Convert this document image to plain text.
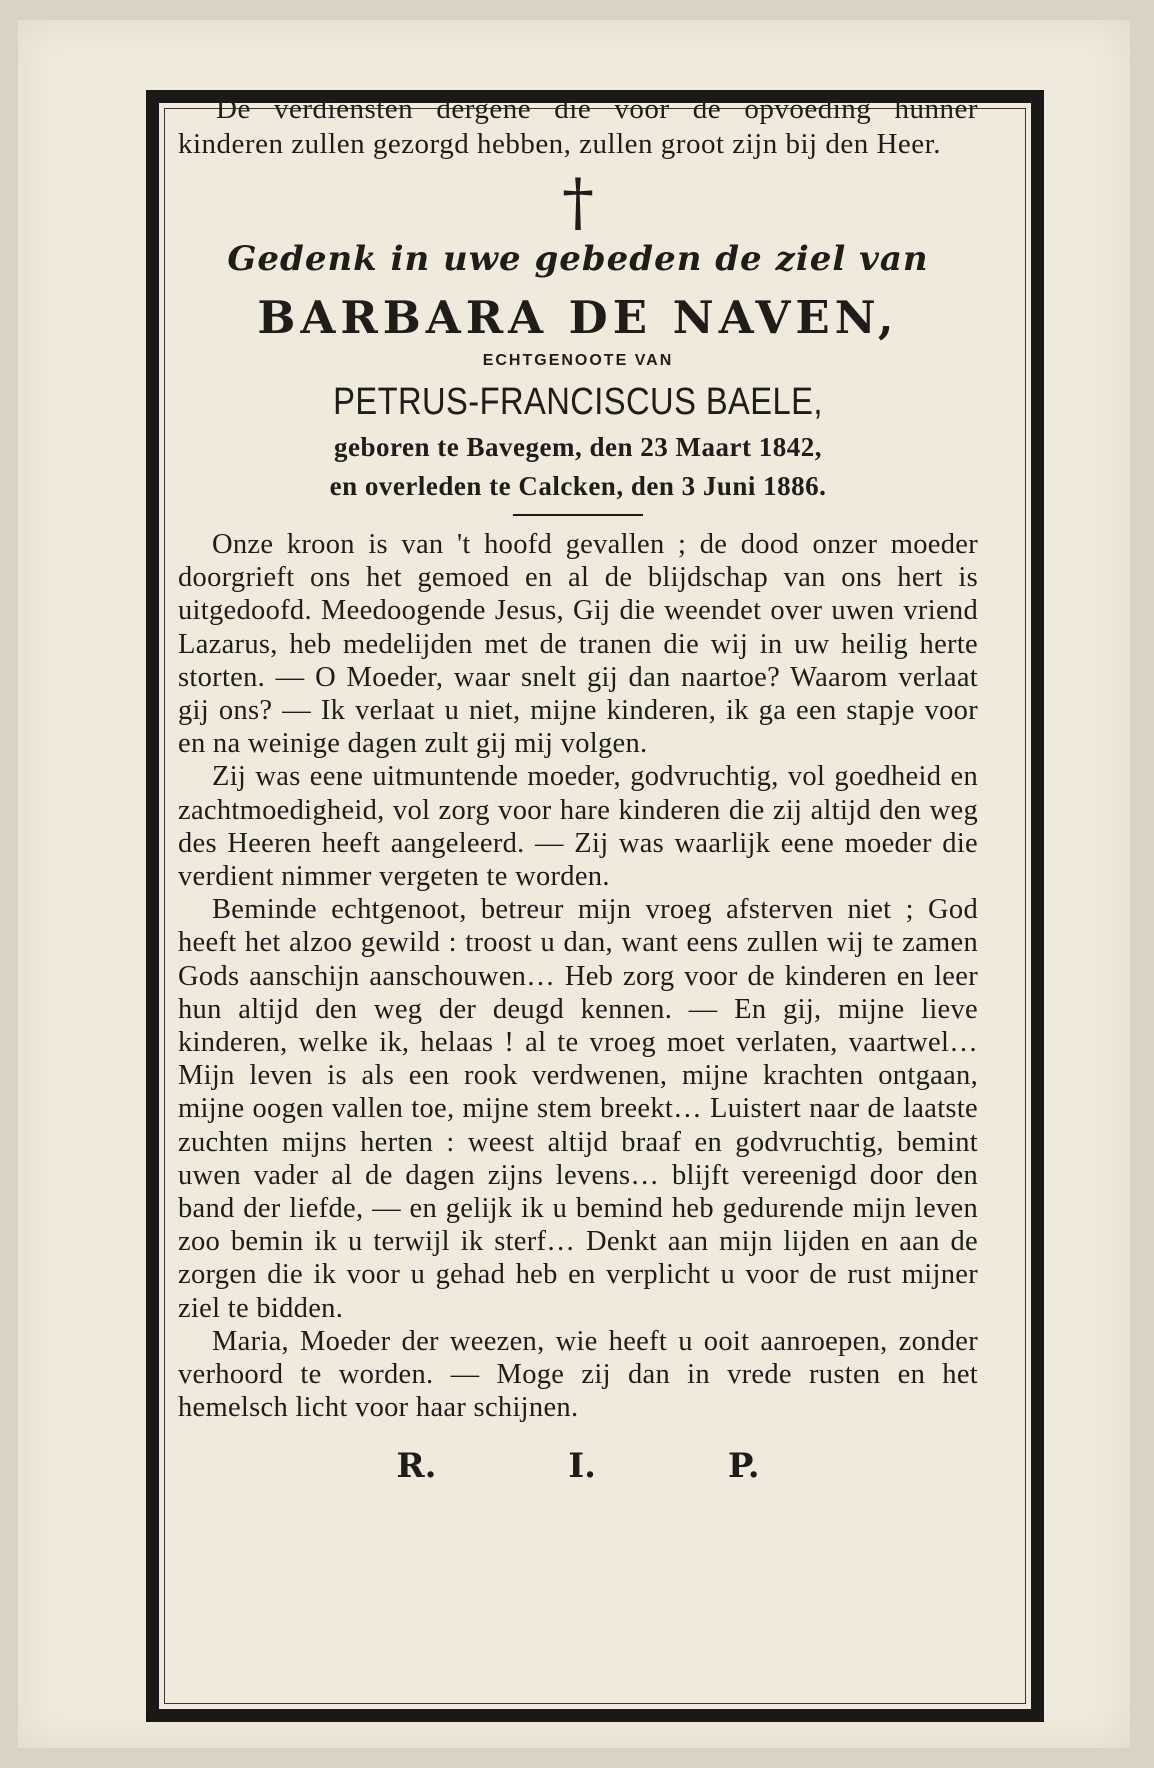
De verdiensten dergene die voor de opvoeding hunner kinderen zullen gezorgd hebben, zullen groot zijn bij den Heer.

†
Gedenk in uwe gebeden de ziel van
BARBARA DE NAVEN,
ECHTGENOOTE VAN
PETRUS-FRANCISCUS BAELE,
geboren te Bavegem, den 23 Maart 1842,
en overleden te Calcken, den 3 Juni 1886.

Onze kroon is van 't hoofd gevallen ; de dood onzer moeder doorgrieft ons het gemoed en al de blijdschap van ons hert is uitgedoofd. Meedoogende Jesus, Gij die weendet over uwen vriend Lazarus, heb medelijden met de tranen die wij in uw heilig herte storten. — O Moeder, waar snelt gij dan naartoe? Waarom verlaat gij ons? — Ik verlaat u niet, mijne kinderen, ik ga een stapje voor en na weinige dagen zult gij mij volgen.

Zij was eene uitmuntende moeder, godvruchtig, vol goedheid en zachtmoedigheid, vol zorg voor hare kinderen die zij altijd den weg des Heeren heeft aangeleerd. — Zij was waarlijk eene moeder die verdient nimmer vergeten te worden.

Beminde echtgenoot, betreur mijn vroeg afsterven niet ; God heeft het alzoo gewild : troost u dan, want eens zullen wij te zamen Gods aanschijn aanschouwen… Heb zorg voor de kinderen en leer hun altijd den weg der deugd kennen. — En gij, mijne lieve kinderen, welke ik, helaas ! al te vroeg moet verlaten, vaartwel… Mijn leven is als een rook verdwenen, mijne krachten ontgaan, mijne oogen vallen toe, mijne stem breekt… Luistert naar de laatste zuchten mijns herten : weest altijd braaf en godvruchtig, bemint uwen vader al de dagen zijns levens… blijft vereenigd door den band der liefde, — en gelijk ik u bemind heb gedurende mijn leven zoo bemin ik u terwijl ik sterf… Denkt aan mijn lijden en aan de zorgen die ik voor u gehad heb en verplicht u voor de rust mijner ziel te bidden.

Maria, Moeder der weezen, wie heeft u ooit aanroepen, zonder verhoord te worden. — Moge zij dan in vrede rusten en het hemelsch licht voor haar schijnen.

R. I. P.
